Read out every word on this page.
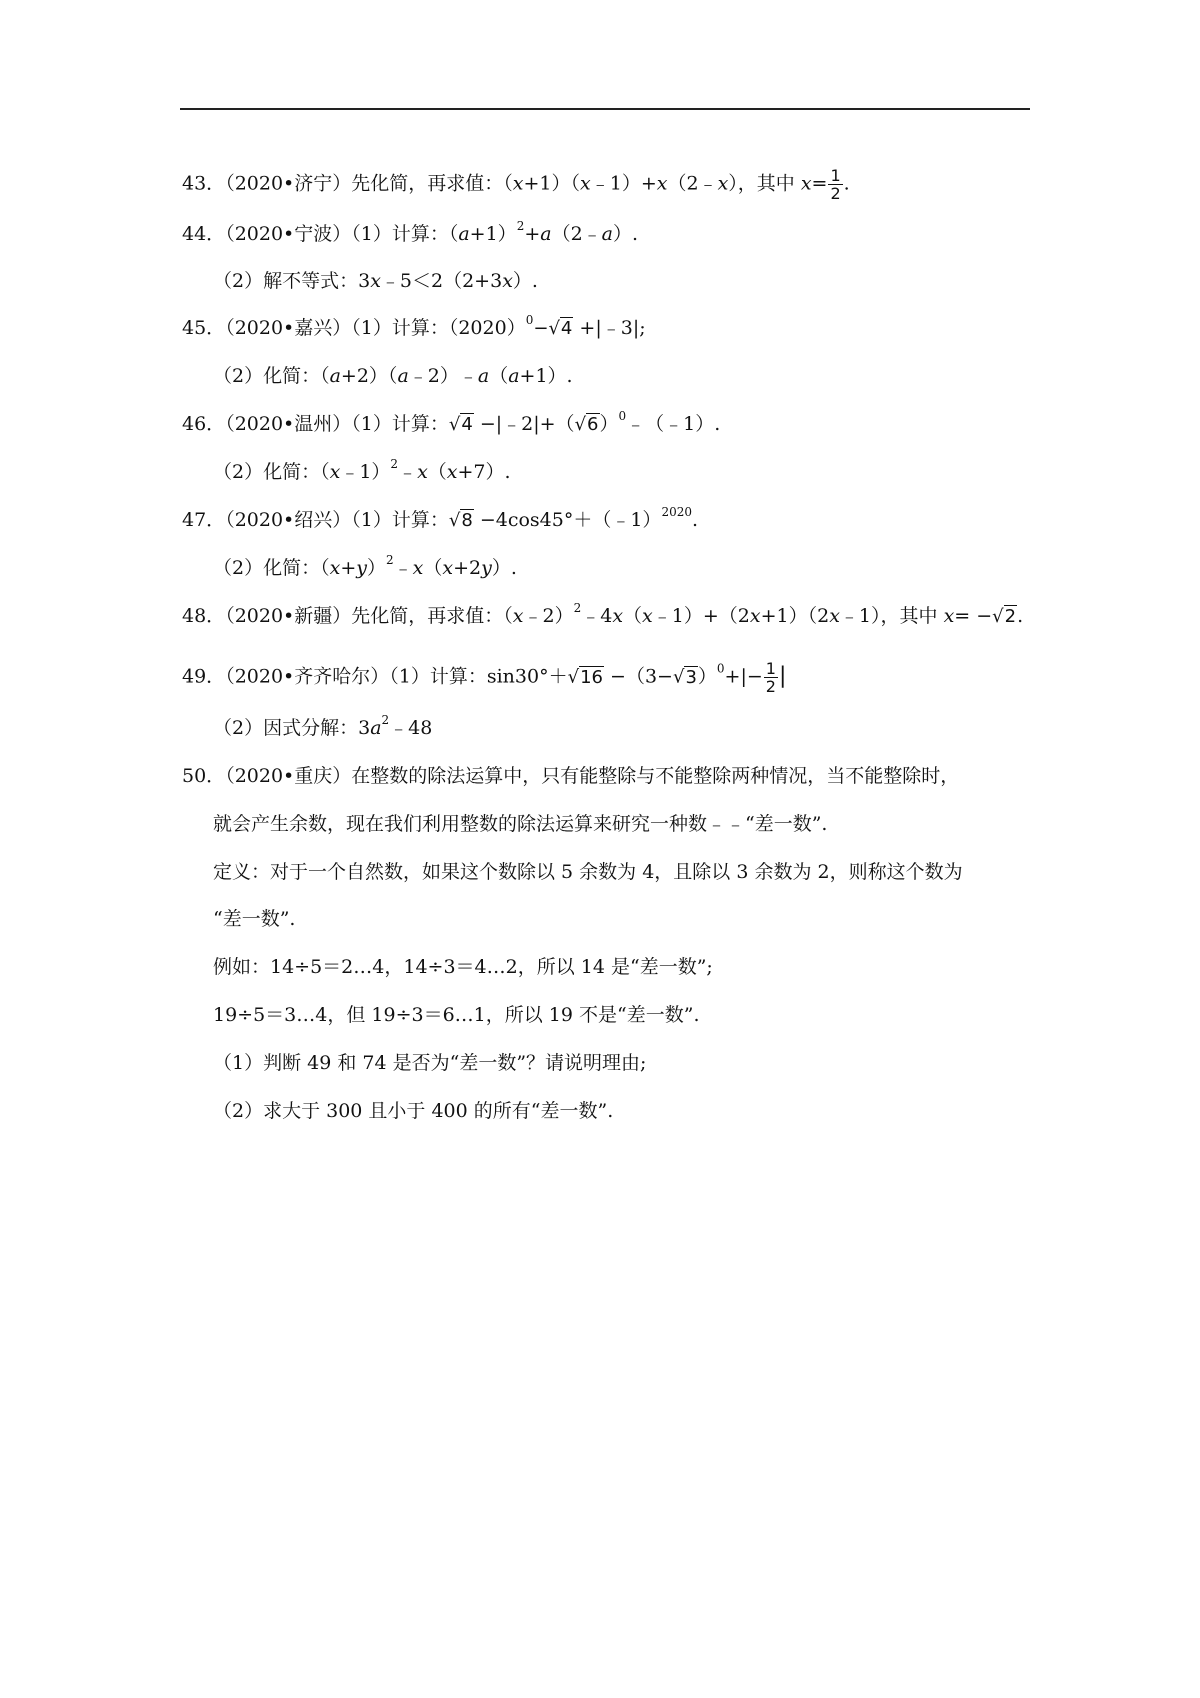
43．（2020•济宁）先化简，再求值：（x+1）（x﹣1）+x（2﹣x），其中 $x= \frac{1}{2}$ .
44．（2020•宁波）（1）计算：$(a+1)^2+a(2﹣a)$.
（2）解不等式：3x﹣5＜2（2+3x）.
45．（2020•嘉兴）（1）计算：$(2020)^0-√4$ +|﹣3|;
（2）化简：（a+2）（a﹣2）﹣a（a+1）.
46．（2020•温州）（1）计算：$√4 -|﹣2|+(√6)^0﹣(﹣1)$.
（2）化简：（x﹣1）$^2$﹣x（x+7）.
47．（2020•绍兴）（1）计算：√8 −4cos45°＋（﹣1）$^{2020}$.
（2）化简：$(x+y)^2﹣x(x+2y)$.
48．（2020•新疆）先化简，再求值：（x﹣2）$^2$﹣4x（x﹣1）+（2x+1）（2x﹣1），其中 x= −√2.
49．（2020•齐齐哈尔）（1）计算：$\sin 30^\circ+√16 -(3-√3)^0+|- \frac{1}{2}$ |
（2）因式分解：$3a^2﹣48$
50．（2020•重庆）在整数的除法运算中，只有能整除与不能整除两种情况，当不能整除时，
就会产生余数，现在我们利用整数的除法运算来研究一种数﹣﹣“差一数”.
定义：对于一个自然数，如果这个数除以 5 余数为 4，且除以 3 余数为 2，则称这个数为
“差一数”.
例如：14÷5＝2…4，14÷3＝4…2，所以 14 是“差一数”;
19÷5＝3…4，但 19÷3＝6…1，所以 19 不是“差一数”.
（1）判断 49 和 74 是否为“差一数”？请说明理由;
（2）求大于 300 且小于 400 的所有“差一数”.
